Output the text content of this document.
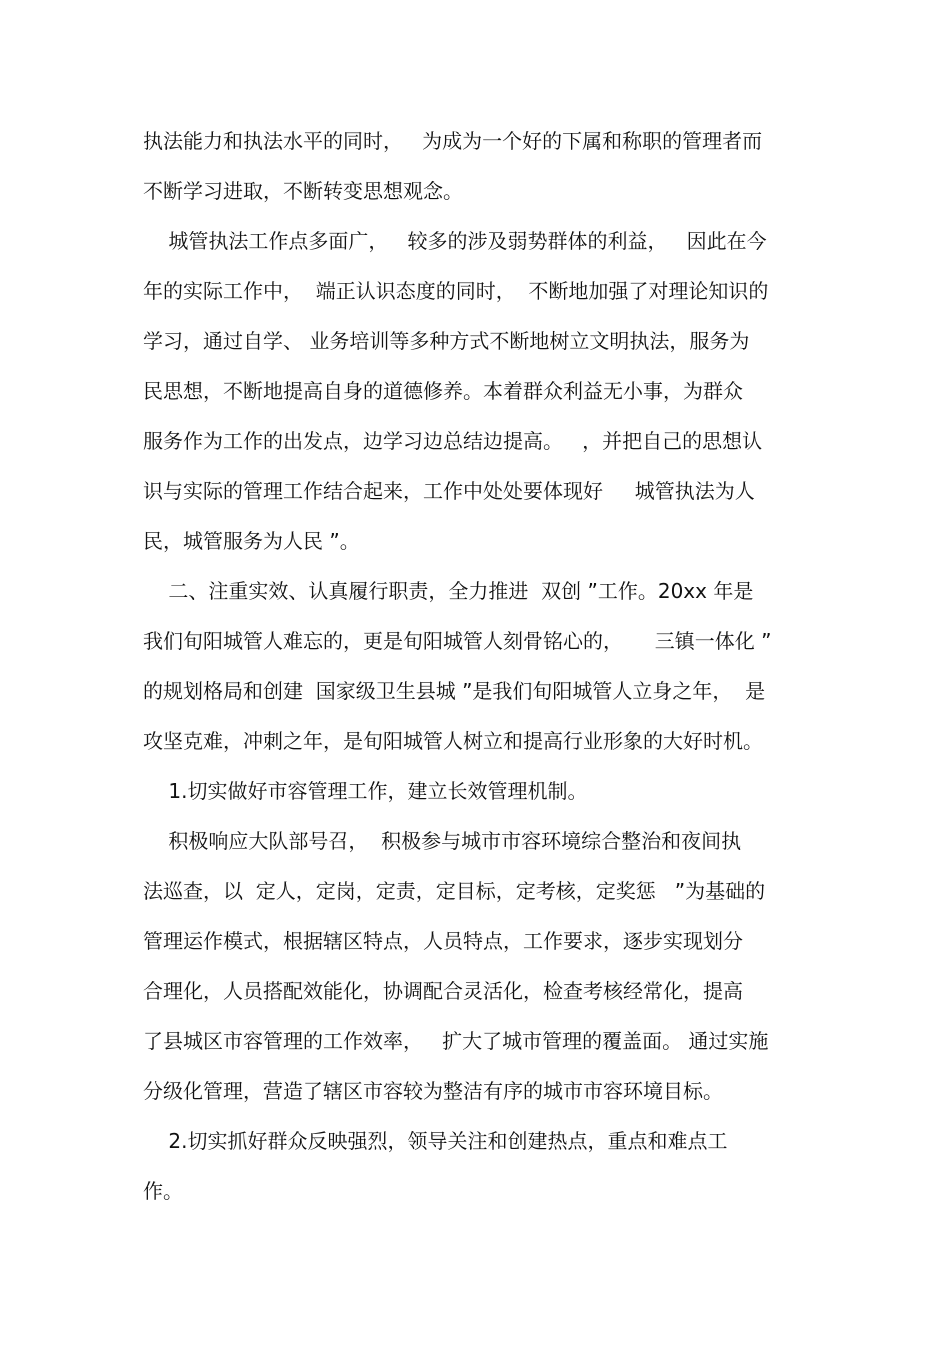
执法能力和执法水平的同时，   为成为一个好的下属和称职的管理者而
不断学习进取，不断转变思想观念。
城管执法工作点多面广，   较多的涉及弱势群体的利益，   因此在今
年的实际工作中，  端正认识态度的同时，  不断地加强了对理论知识的
学习，通过自学、 业务培训等多种方式不断地树立文明执法，服务为
民思想，不断地提高自身的道德修养。本着群众利益无小事，为群众
服务作为工作的出发点，边学习边总结边提高。   ，并把自己的思想认
识与实际的管理工作结合起来，工作中处处要体现好     城管执法为人
民，城管服务为人民 ”。
二、注重实效、认真履行职责，全力推进  双创 ”工作。20xx 年是
我们旬阳城管人难忘的，更是旬阳城管人刻骨铭心的，     三镇一体化 ”
的规划格局和创建  国家级卫生县城 ”是我们旬阳城管人立身之年，  是
攻坚克难，冲刺之年，是旬阳城管人树立和提高行业形象的大好时机。
1.切实做好市容管理工作，建立长效管理机制。
积极响应大队部号召，  积极参与城市市容环境综合整治和夜间执
法巡查，以  定人，定岗，定责，定目标，定考核，定奖惩   ”为基础的
管理运作模式，根据辖区特点，人员特点，工作要求，逐步实现划分
合理化，人员搭配效能化，协调配合灵活化，检查考核经常化，提高
了县城区市容管理的工作效率，   扩大了城市管理的覆盖面。 通过实施
分级化管理，营造了辖区市容较为整洁有序的城市市容环境目标。
2.切实抓好群众反映强烈，领导关注和创建热点，重点和难点工
作。
